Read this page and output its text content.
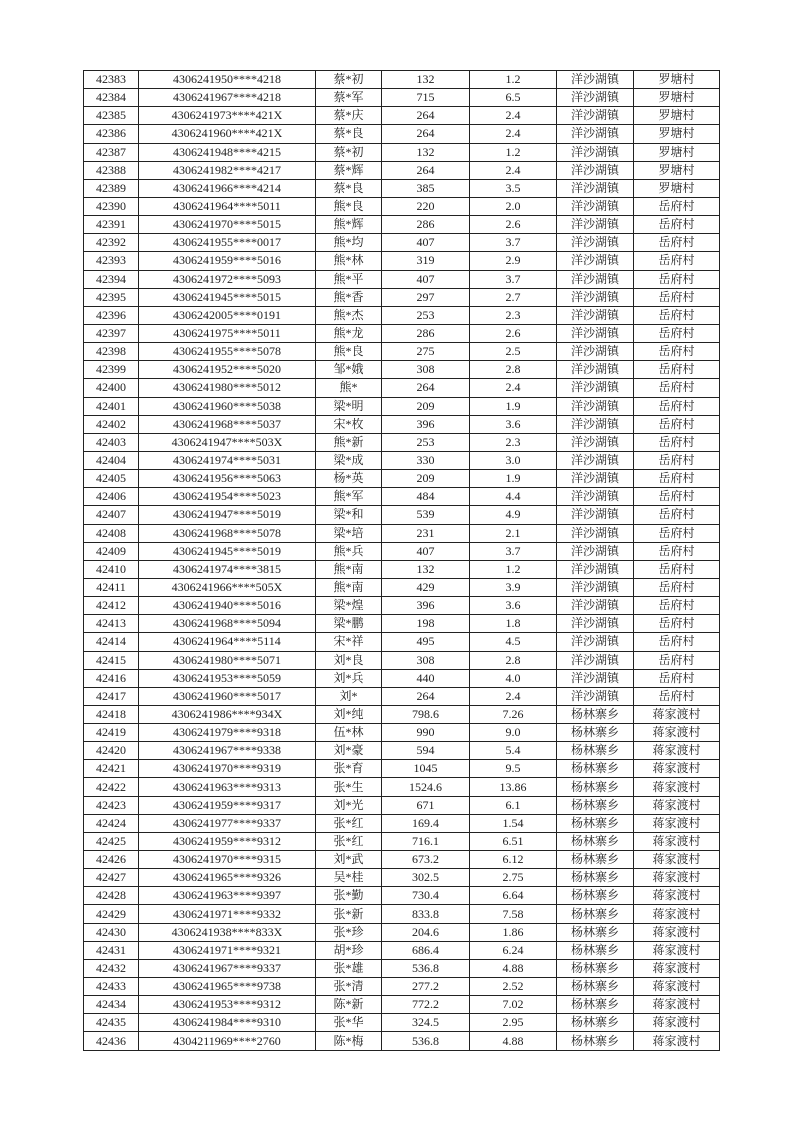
42383	4306241950****4218	蔡*初	132	1.2	洋沙湖镇	罗塘村
42384	4306241967****4218	蔡*军	715	6.5	洋沙湖镇	罗塘村
42385	4306241973****421X	蔡*庆	264	2.4	洋沙湖镇	罗塘村
42386	4306241960****421X	蔡*良	264	2.4	洋沙湖镇	罗塘村
42387	4306241948****4215	蔡*初	132	1.2	洋沙湖镇	罗塘村
42388	4306241982****4217	蔡*辉	264	2.4	洋沙湖镇	罗塘村
42389	4306241966****4214	蔡*良	385	3.5	洋沙湖镇	罗塘村
42390	4306241964****5011	熊*良	220	2.0	洋沙湖镇	岳府村
42391	4306241970****5015	熊*辉	286	2.6	洋沙湖镇	岳府村
42392	4306241955****0017	熊*均	407	3.7	洋沙湖镇	岳府村
42393	4306241959****5016	熊*林	319	2.9	洋沙湖镇	岳府村
42394	4306241972****5093	熊*平	407	3.7	洋沙湖镇	岳府村
42395	4306241945****5015	熊*香	297	2.7	洋沙湖镇	岳府村
42396	4306242005****0191	熊*杰	253	2.3	洋沙湖镇	岳府村
42397	4306241975****5011	熊*龙	286	2.6	洋沙湖镇	岳府村
42398	4306241955****5078	熊*良	275	2.5	洋沙湖镇	岳府村
42399	4306241952****5020	邹*娥	308	2.8	洋沙湖镇	岳府村
42400	4306241980****5012	熊*	264	2.4	洋沙湖镇	岳府村
42401	4306241960****5038	梁*明	209	1.9	洋沙湖镇	岳府村
42402	4306241968****5037	宋*枚	396	3.6	洋沙湖镇	岳府村
42403	4306241947****503X	熊*新	253	2.3	洋沙湖镇	岳府村
42404	4306241974****5031	梁*成	330	3.0	洋沙湖镇	岳府村
42405	4306241956****5063	杨*英	209	1.9	洋沙湖镇	岳府村
42406	4306241954****5023	熊*军	484	4.4	洋沙湖镇	岳府村
42407	4306241947****5019	梁*和	539	4.9	洋沙湖镇	岳府村
42408	4306241968****5078	梁*培	231	2.1	洋沙湖镇	岳府村
42409	4306241945****5019	熊*兵	407	3.7	洋沙湖镇	岳府村
42410	4306241974****3815	熊*南	132	1.2	洋沙湖镇	岳府村
42411	4306241966****505X	熊*南	429	3.9	洋沙湖镇	岳府村
42412	4306241940****5016	梁*煌	396	3.6	洋沙湖镇	岳府村
42413	4306241968****5094	梁*鹏	198	1.8	洋沙湖镇	岳府村
42414	4306241964****5114	宋*祥	495	4.5	洋沙湖镇	岳府村
42415	4306241980****5071	刘*良	308	2.8	洋沙湖镇	岳府村
42416	4306241953****5059	刘*兵	440	4.0	洋沙湖镇	岳府村
42417	4306241960****5017	刘*	264	2.4	洋沙湖镇	岳府村
42418	4306241986****934X	刘*纯	798.6	7.26	杨林寨乡	蒋家渡村
42419	4306241979****9318	伍*林	990	9.0	杨林寨乡	蒋家渡村
42420	4306241967****9338	刘*豪	594	5.4	杨林寨乡	蒋家渡村
42421	4306241970****9319	张*育	1045	9.5	杨林寨乡	蒋家渡村
42422	4306241963****9313	张*生	1524.6	13.86	杨林寨乡	蒋家渡村
42423	4306241959****9317	刘*光	671	6.1	杨林寨乡	蒋家渡村
42424	4306241977****9337	张*红	169.4	1.54	杨林寨乡	蒋家渡村
42425	4306241959****9312	张*红	716.1	6.51	杨林寨乡	蒋家渡村
42426	4306241970****9315	刘*武	673.2	6.12	杨林寨乡	蒋家渡村
42427	4306241965****9326	吴*桂	302.5	2.75	杨林寨乡	蒋家渡村
42428	4306241963****9397	张*勤	730.4	6.64	杨林寨乡	蒋家渡村
42429	4306241971****9332	张*新	833.8	7.58	杨林寨乡	蒋家渡村
42430	4306241938****833X	张*珍	204.6	1.86	杨林寨乡	蒋家渡村
42431	4306241971****9321	胡*珍	686.4	6.24	杨林寨乡	蒋家渡村
42432	4306241967****9337	张*雄	536.8	4.88	杨林寨乡	蒋家渡村
42433	4306241965****9738	张*清	277.2	2.52	杨林寨乡	蒋家渡村
42434	4306241953****9312	陈*新	772.2	7.02	杨林寨乡	蒋家渡村
42435	4306241984****9310	张*华	324.5	2.95	杨林寨乡	蒋家渡村
42436	4304211969****2760	陈*梅	536.8	4.88	杨林寨乡	蒋家渡村
